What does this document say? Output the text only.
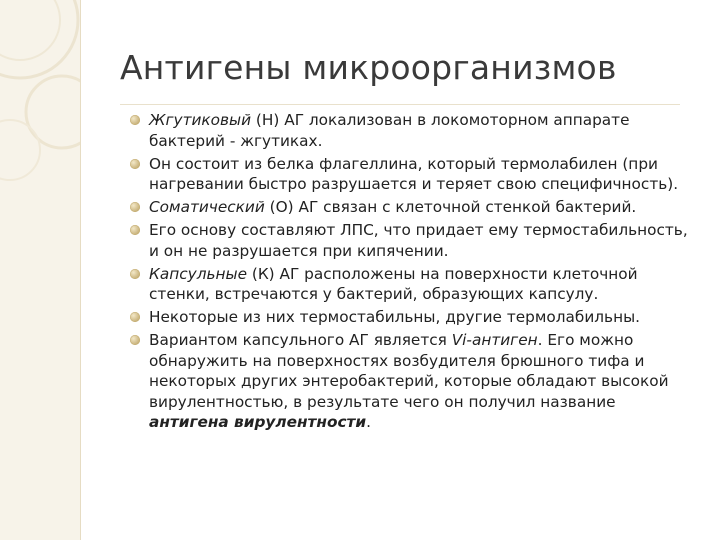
Антигены микроорганизмов
Жгутиковый (Н) АГ локализован в локомоторном аппарате бактерий - жгутиках.
Он состоит из белка флагеллина, который термолабилен (при нагревании быстро разрушается и теряет свою специфичность).
Соматический (О) АГ связан с клеточной стенкой бактерий.
Его основу составляют ЛПС, что придает ему термостабильность, и он не разрушается при кипячении.
Капсульные (К) АГ расположены на поверхности клеточной стенки, встречаются у бактерий, образующих капсулу.
Некоторые из них термостабильны, другие термолабильны.
Вариантом капсульного АГ является Vi-антиген. Его можно обнаружить на поверхностях возбудителя брюшного тифа и некоторых других энтеробактерий, которые обладают высокой вирулентностью, в результате чего он получил название антигена вирулентности.
